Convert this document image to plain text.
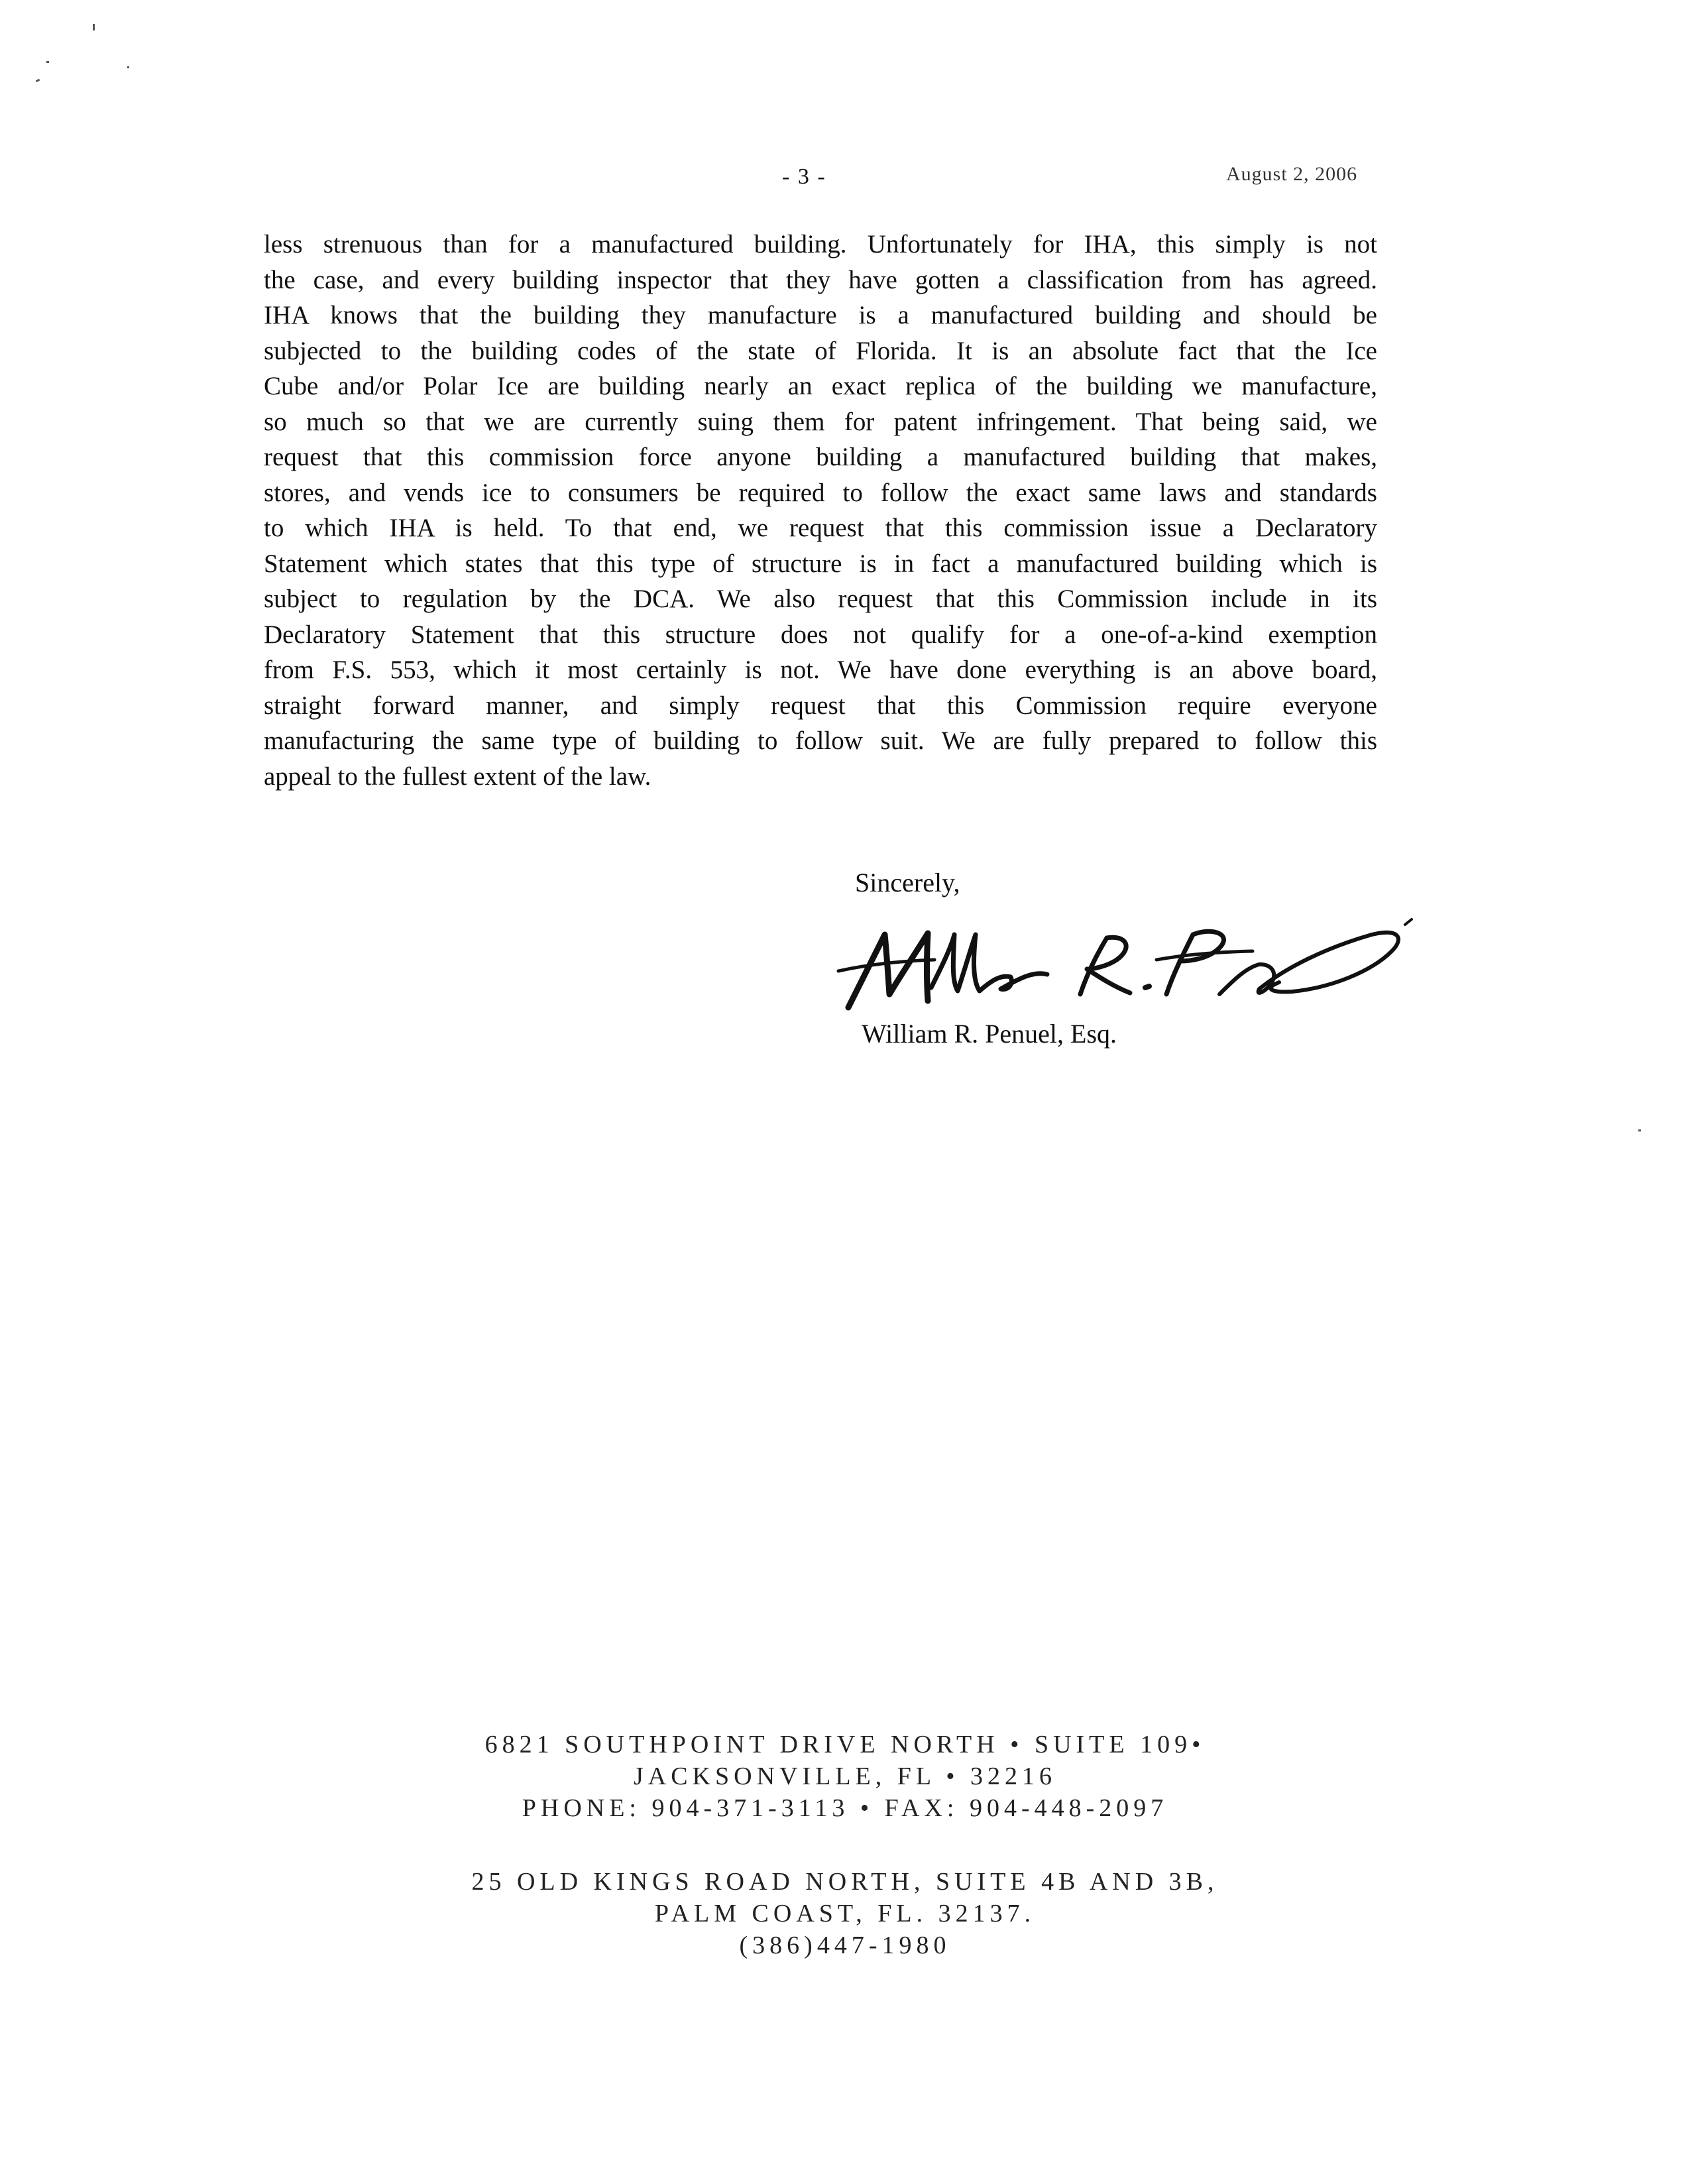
- 3 -	August 2, 2006
less strenuous than for a manufactured building. Unfortunately for IHA, this simply is not
the case, and every building inspector that they have gotten a classification from has agreed.
IHA knows that the building they manufacture is a manufactured building and should be
subjected to the building codes of the state of Florida. It is an absolute fact that the Ice
Cube and/or Polar Ice are building nearly an exact replica of the building we manufacture,
so much so that we are currently suing them for patent infringement. That being said, we
request that this commission force anyone building a manufactured building that makes,
stores, and vends ice to consumers be required to follow the exact same laws and standards
to which IHA is held. To that end, we request that this commission issue a Declaratory
Statement which states that this type of structure is in fact a manufactured building which is
subject to regulation by the DCA. We also request that this Commission include in its
Declaratory Statement that this structure does not qualify for a one-of-a-kind exemption
from F.S. 553, which it most certainly is not. We have done everything is an above board,
straight forward manner, and simply request that this Commission require everyone
manufacturing the same type of building to follow suit. We are fully prepared to follow this
appeal to the fullest extent of the law.
Sincerely,
William R. Penuel, Esq.
6821 SOUTHPOINT DRIVE NORTH • SUITE 109•
JACKSONVILLE, FL • 32216
PHONE: 904-371-3113 • FAX: 904-448-2097
25 OLD KINGS ROAD NORTH, SUITE 4B AND 3B,
PALM COAST, FL. 32137.
(386)447-1980
